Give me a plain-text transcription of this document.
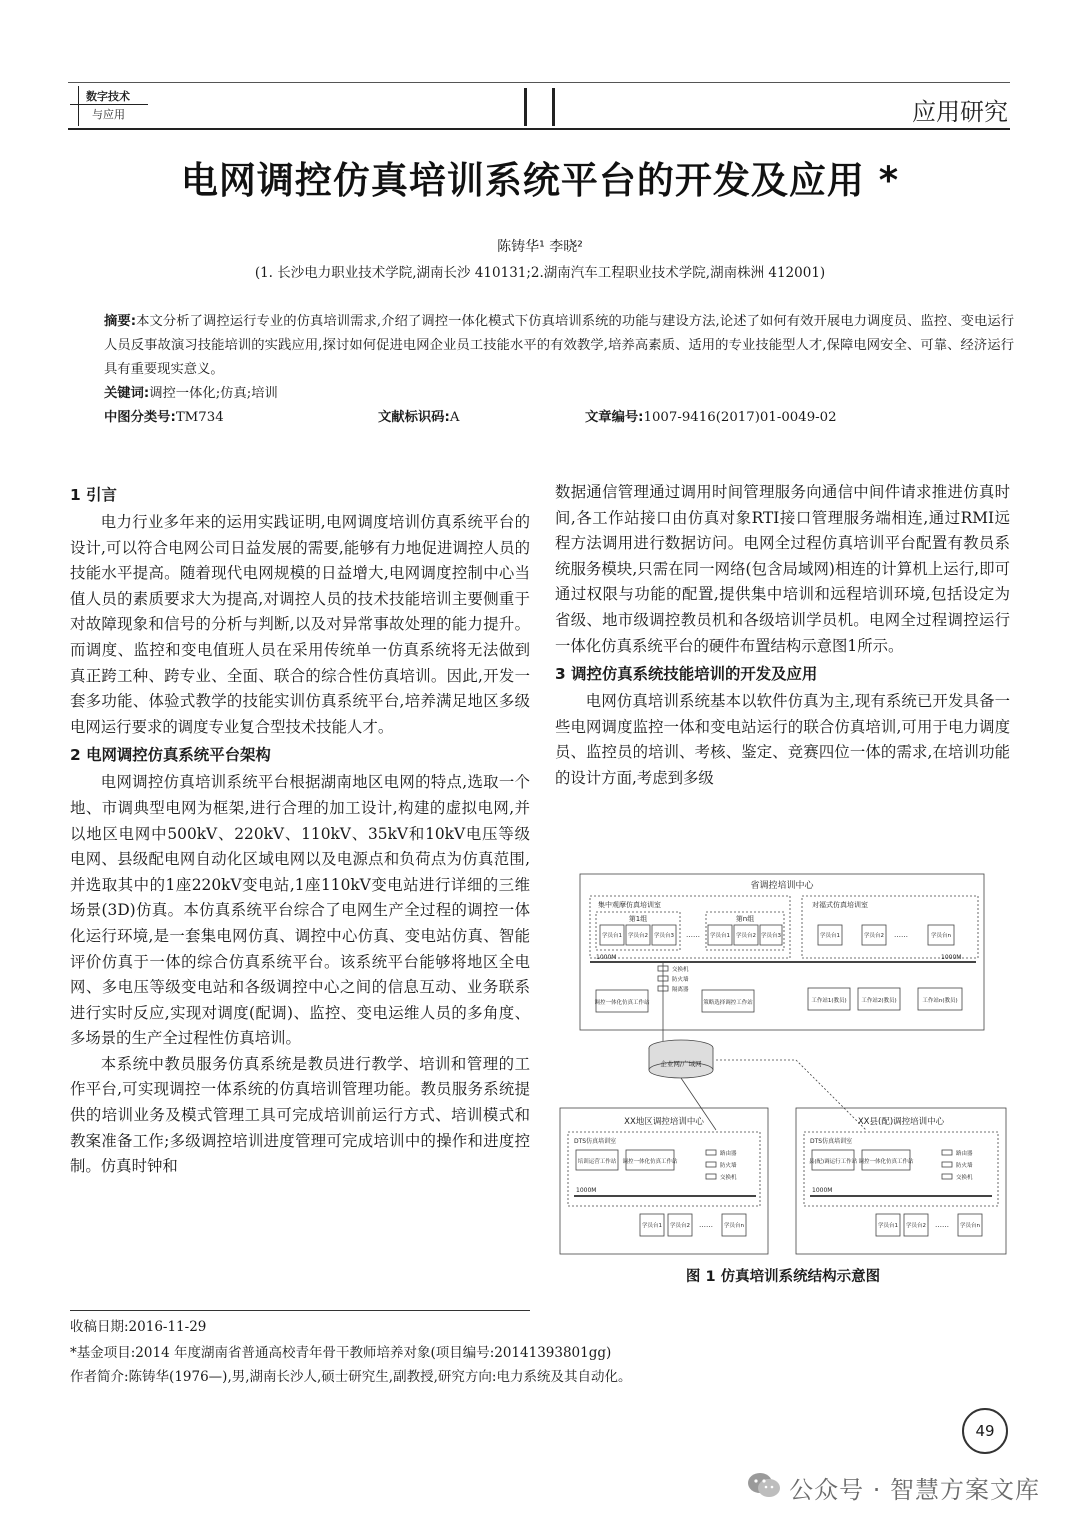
数字技术
与应用	应用研究
电网调控仿真培训系统平台的开发及应用 *
陈铸华¹ 李晓²
(1. 长沙电力职业技术学院,湖南长沙 410131;2.湖南汽车工程职业技术学院,湖南株洲 412001)
摘要:本文分析了调控运行专业的仿真培训需求,介绍了调控一体化模式下仿真培训系统的功能与建设方法,论述了如何有效开展电力调度员、监控、变电运行人员反事故演习技能培训的实践应用,探讨如何促进电网企业员工技能水平的有效教学,培养高素质、适用的专业技能型人才,保障电网安全、可靠、经济运行具有重要现实意义。
关键词:调控一体化;仿真;培训
中图分类号:TM734	文献标识码:A	文章编号:1007-9416(2017)01-0049-02
1 引言

电力行业多年来的运用实践证明,电网调度培训仿真系统平台的设计,可以符合电网公司日益发展的需要,能够有力地促进调控人员的技能水平提高。随着现代电网规模的日益增大,电网调度控制中心当值人员的素质要求大为提高,对调控人员的技术技能培训主要侧重于对故障现象和信号的分析与判断,以及对异常事故处理的能力提升。而调度、监控和变电值班人员在采用传统单一仿真系统将无法做到真正跨工种、跨专业、全面、联合的综合性仿真培训。因此,开发一套多功能、体验式教学的技能实训仿真系统平台,培养满足地区多级电网运行要求的调度专业复合型技术技能人才。

2 电网调控仿真系统平台架构

电网调控仿真培训系统平台根据湖南地区电网的特点,选取一个地、市调典型电网为框架,进行合理的加工设计,构建的虚拟电网,并以地区电网中500kV、220kV、110kV、35kV和10kV电压等级电网、县级配电网自动化区域电网以及电源点和负荷点为仿真范围,并选取其中的1座220kV变电站,1座110kV变电站进行详细的三维场景(3D)仿真。本仿真系统平台综合了电网生产全过程的调控一体化运行环境,是一套集电网仿真、调控中心仿真、变电站仿真、智能评价仿真于一体的综合仿真系统平台。该系统平台能够将地区全电网、多电压等级变电站和各级调控中心之间的信息互动、业务联系进行实时反应,实现对调度(配调)、监控、变电运维人员的多角度、多场景的生产全过程性仿真培训。

本系统中教员服务仿真系统是教员进行教学、培训和管理的工作平台,可实现调控一体系统的仿真培训管理功能。教员服务系统提供的培训业务及模式管理工具可完成培训前运行方式、培训模式和教案准备工作;多级调控培训进度管理可完成培训中的操作和进度控制。仿真时钟和

数据通信管理通过调用时间管理服务向通信中间件请求推进仿真时间,各工作站接口由仿真对象RTI接口管理服务端相连,通过RMI远程方法调用进行数据访问。电网全过程仿真培训平台配置有教员系统服务模块,只需在同一网络(包含局域网)相连的计算机上运行,即可通过权限与功能的配置,提供集中培训和远程培训环境,包括设定为省级、地市级调控教员机和各级培训学员机。电网全过程调控运行一体化仿真系统平台的硬件布置结构示意图1所示。

3 调控仿真系统技能培训的开发及应用

电网仿真培训系统基本以软件仿真为主,现有系统已开发具备一些电网调度监控一体和变电站运行的联合仿真培训,可用于电力调度员、监控员的培训、考核、鉴定、竞赛四位一体的需求,在培训功能的设计方面,考虑到多级

省调控培训中心
集中观摩仿真培训室
第1组	第n组
学员台1 学员台2 学员台3 …… 学员台1 学员台2 学员台3
对福式仿真培训室
学员台1	学员台2 ……	学员台n
1000M	1000M
交换机
防火墙
隔离器
调控一体化仿真工作站	策略选择调控工作站	工作站1(教员)	工作站2(教员)	工作站n(教员)
企业网/广域网
XX地区调控培训中心
DTS仿真培训室
培训运营工作站 调控一体化仿真工作站
路由器
防火墙
交换机
1000M
学员台1 学员台2 …… 学员台n
XX县(配)调控培训中心
DTS仿真培训室
县(配)调运行工作站 调控一体化仿真工作站
路由器
防火墙
交换机
1000M
学员台1 学员台2 …… 学员台n
图 1 仿真培训系统结构示意图
收稿日期:2016-11-29
*基金项目:2014 年度湖南省普通高校青年骨干教师培养对象(项目编号:20141393801gg)
作者简介:陈铸华(1976—),男,湖南长沙人,硕士研究生,副教授,研究方向:电力系统及其自动化。
49
公众号 · 智慧方案文库
